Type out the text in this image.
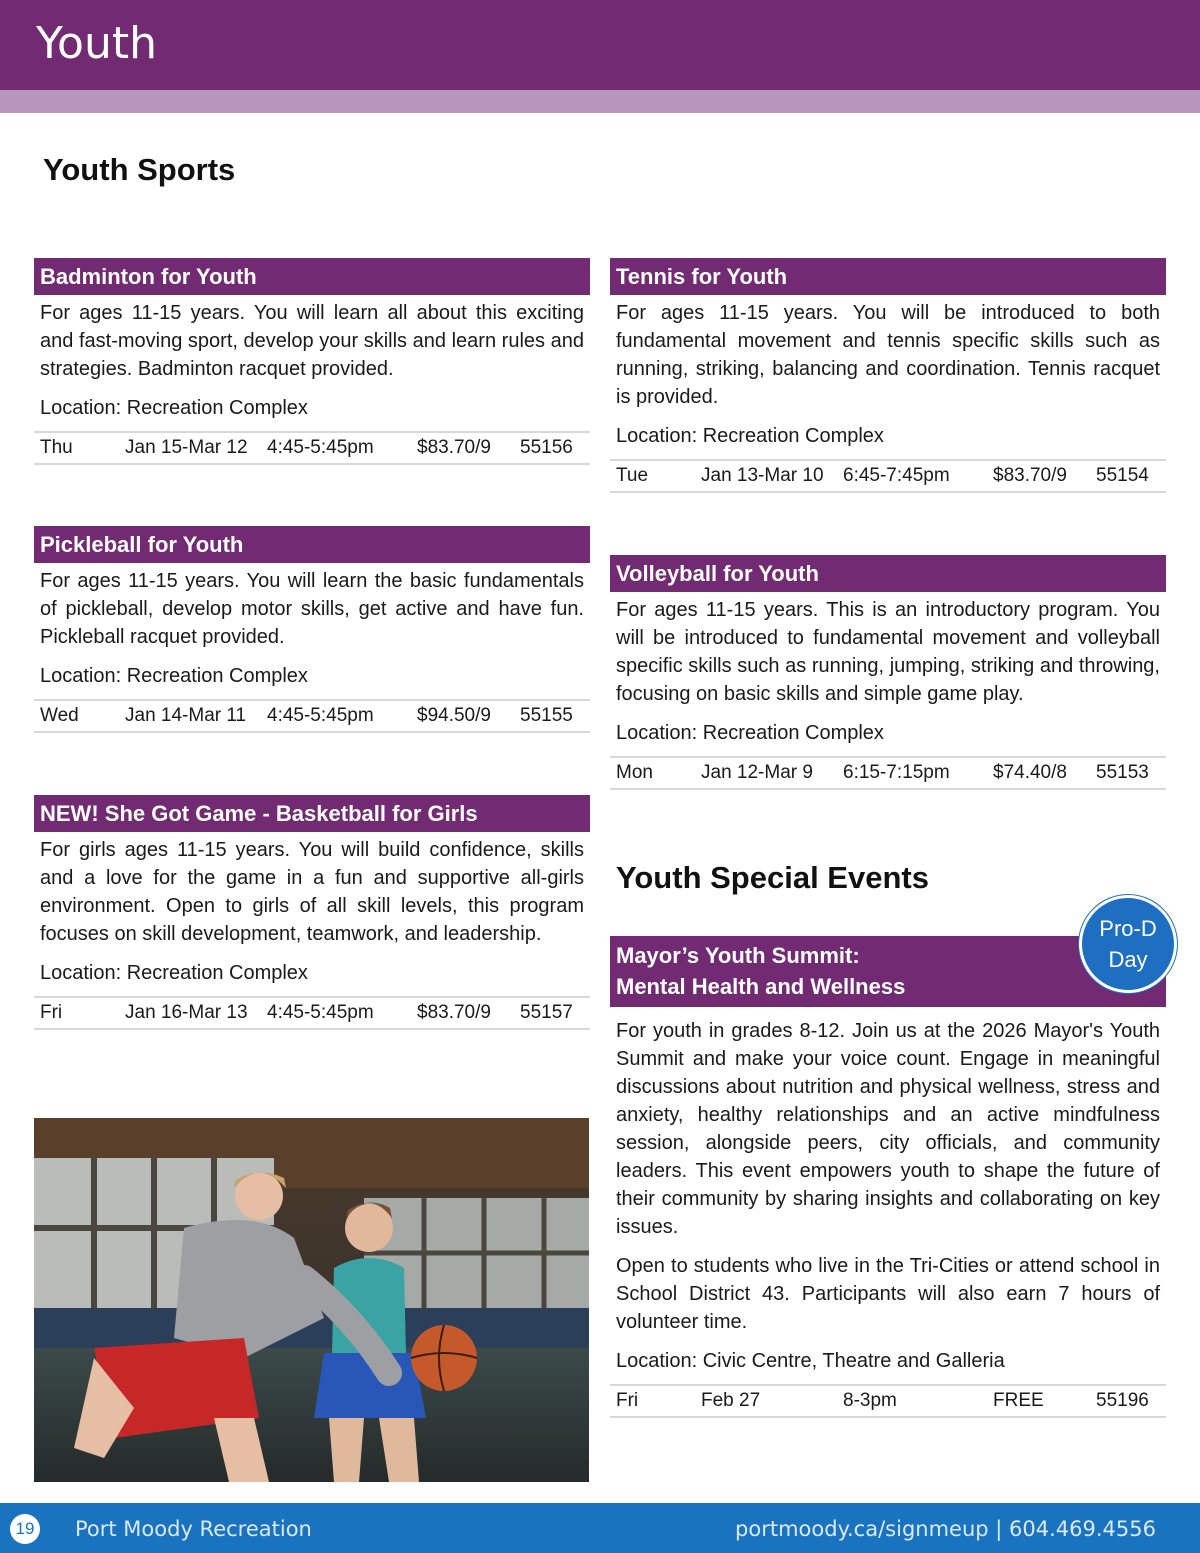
Youth
Youth Sports
Badminton for Youth

For ages 11-15 years. You will learn all about this exciting and fast-moving sport, develop your skills and learn rules and strategies. Badminton racquet provided.

Location: Recreation Complex

Thu	Jan 15-Mar 12	4:45-5:45pm	$83.70/9	55156
Pickleball for Youth

For ages 11-15 years. You will learn the basic fundamentals of pickleball, develop motor skills, get active and have fun. Pickleball racquet provided.

Location: Recreation Complex

Wed	Jan 14-Mar 11	4:45-5:45pm	$94.50/9	55155
NEW! She Got Game - Basketball for Girls

For girls ages 11-15 years. You will build confidence, skills and a love for the game in a fun and supportive all-girls environment. Open to girls of all skill levels, this program focuses on skill development, teamwork, and leadership.

Location: Recreation Complex

Fri	Jan 16-Mar 13	4:45-5:45pm	$83.70/9	55157
Tennis for Youth

For ages 11-15 years. You will be introduced to both fundamental movement and tennis specific skills such as running, striking, balancing and coordination. Tennis racquet is provided.

Location: Recreation Complex

Tue	Jan 13-Mar 10	6:45-7:45pm	$83.70/9	55154
Volleyball for Youth

For ages 11-15 years. This is an introductory program. You will be introduced to fundamental movement and volleyball specific skills such as running, jumping, striking and throwing, focusing on basic skills and simple game play.

Location: Recreation Complex

Mon	Jan 12-Mar 9	6:15-7:15pm	$74.40/8	55153
Youth Special Events
Mayor’s Youth Summit:
Mental Health and Wellness

For youth in grades 8-12. Join us at the 2026 Mayor's Youth Summit and make your voice count. Engage in meaningful discussions about nutrition and physical wellness, stress and anxiety, healthy relationships and an active mindfulness session, alongside peers, city officials, and community leaders. This event empowers youth to shape the future of their community by sharing insights and collaborating on key issues.

Open to students who live in the Tri-Cities or attend school in School District 43. Participants will also earn 7 hours of volunteer time.

Location: Civic Centre, Theatre and Galleria

Fri	Feb 27	8-3pm	FREE	55196
Pro-D
Day
19 Port Moody Recreation	portmoody.ca/signmeup | 604.469.4556
